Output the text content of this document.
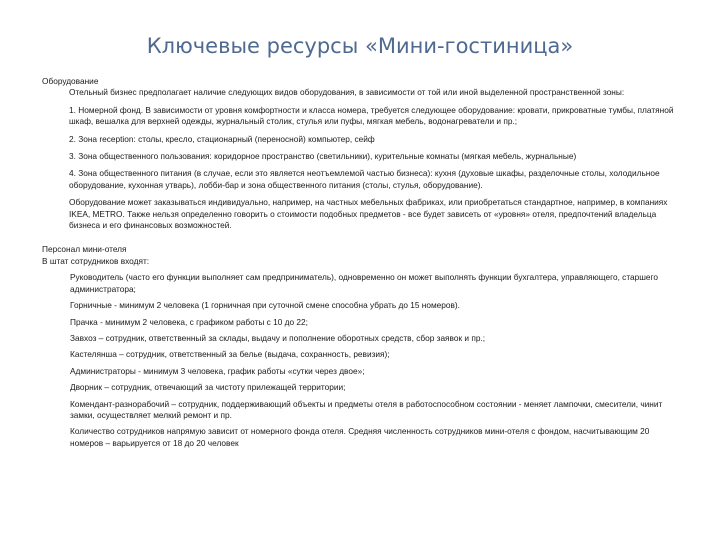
Ключевые ресурсы «Мини-гостиница»

Оборудование

Отельный бизнес предполагает наличие следующих видов оборудования, в зависимости от той или иной выделенной пространственной зоны:

1. Номерной фонд. В зависимости от уровня комфортности и класса номера, требуется следующее оборудование: кровати, прикроватные тумбы, платяной шкаф, вешалка для верхней одежды, журнальный столик, стулья или пуфы, мягкая мебель, водонагреватели и пр.;

2. Зона reception: столы, кресло, стационарный (переносной) компьютер, сейф

3. Зона общественного пользования: коридорное пространство (светильники), курительные комнаты (мягкая мебель, журнальные)

4. Зона общественного питания (в случае, если это является неотъемлемой частью бизнеса): кухня (духовые шкафы, разделочные столы, холодильное оборудование, кухонная утварь), лобби-бар и зона общественного питания (столы, стулья, оборудование).

Оборудование может заказываться индивидуально, например, на частных мебельных фабриках, или приобретаться стандартное, например, в компаниях IKEA, METRO. Также нельзя определенно говорить о стоимости подобных предметов - все будет зависеть от «уровня» отеля, предпочтений владельца бизнеса и его финансовых возможностей.

Персонал мини-отеля

В штат сотрудников входят:

Руководитель (часто его функции выполняет сам предприниматель), одновременно он может выполнять функции бухгалтера, управляющего, старшего администратора;

Горничные - минимум 2 человека (1 горничная при суточной смене способна убрать до 15 номеров).

Прачка - минимум 2 человека, с графиком работы с 10 до 22;

Завхоз – сотрудник, ответственный за склады, выдачу и пополнение оборотных средств, сбор заявок и пр.;

Кастелянша – сотрудник, ответственный за белье (выдача, сохранность, ревизия);

Администраторы - минимум 3 человека, график работы «сутки через двое»;

Дворник – сотрудник, отвечающий за чистоту прилежащей территории;

Комендант-разнорабочий – сотрудник, поддерживающий объекты и предметы отеля в работоспособном состоянии - меняет лампочки, смесители, чинит замки, осуществляет мелкий ремонт и пр.

Количество сотрудников напрямую зависит от номерного фонда отеля. Средняя численность сотрудников мини-отеля с фондом, насчитывающим 20 номеров – варьируется от 18 до 20 человек
